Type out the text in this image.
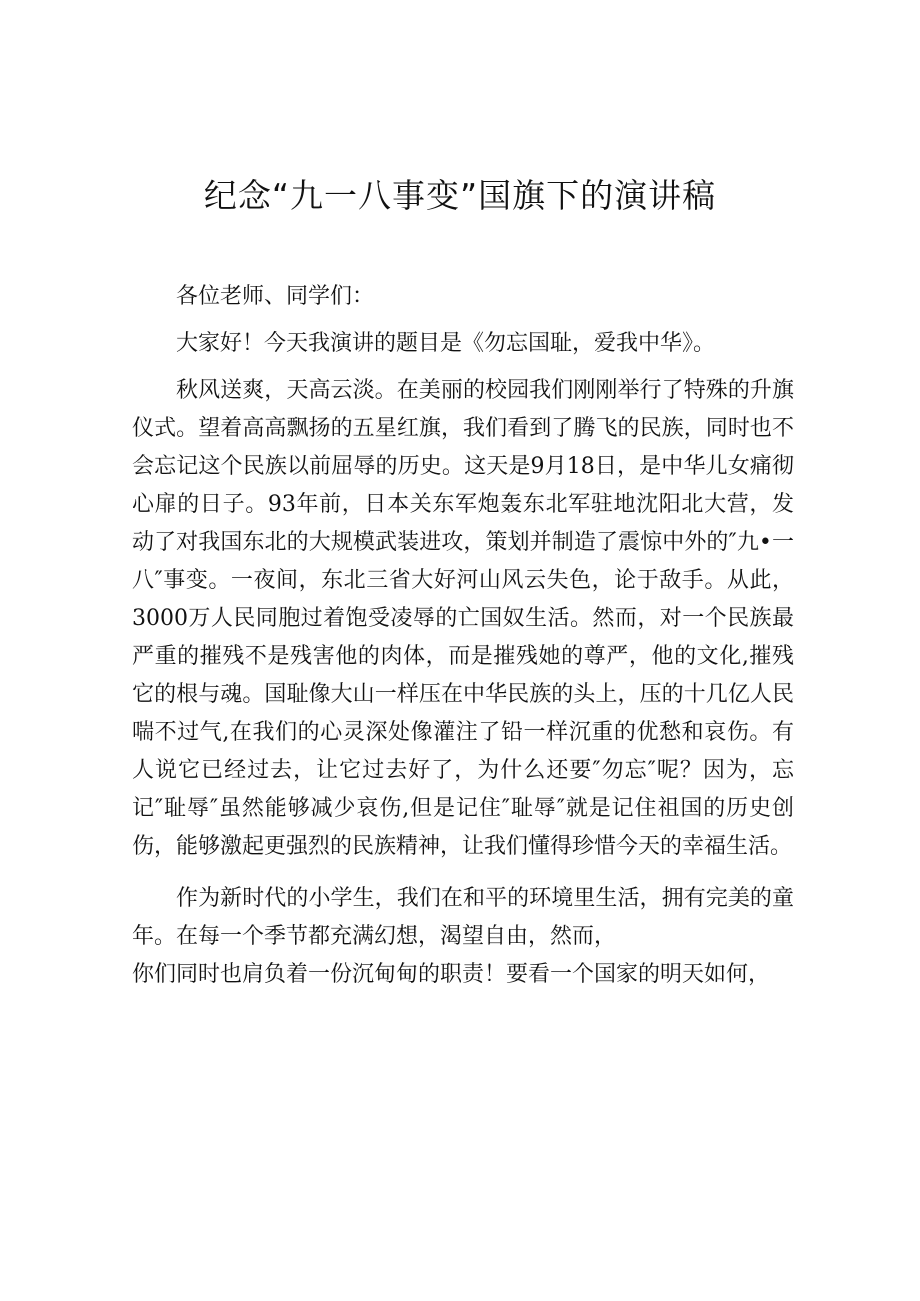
纪念“九一八事变”国旗下的演讲稿

各位老师、同学们：

大家好！今天我演讲的题目是《勿忘国耻，爱我中华》。

秋风送爽，天高云淡。在美丽的校园我们刚刚举行了特殊的升旗仪式。望着高高飘扬的五星红旗，我们看到了腾飞的民族，同时也不会忘记这个民族以前屈辱的历史。这天是9月18日，是中华儿女痛彻心扉的日子。93年前，日本关东军炮轰东北军驻地沈阳北大营，发动了对我国东北的大规模武装进攻，策划并制造了震惊中外的″九•一八″事变。一夜间，东北三省大好河山风云失色，论于敌手。从此，3000万人民同胞过着饱受凌辱的亡国奴生活。然而，对一个民族最严重的摧残不是残害他的肉体，而是摧残她的尊严，他的文化,摧残它的根与魂。国耻像大山一样压在中华民族的头上，压的十几亿人民喘不过气,在我们的心灵深处像灌注了铅一样沉重的优愁和哀伤。有人说它已经过去，让它过去好了，为什么还要″勿忘″呢？因为，忘记″耻辱″虽然能够减少哀伤,但是记住″耻辱″就是记住祖国的历史创伤，能够激起更强烈的民族精神，让我们懂得珍惜今天的幸福生活。

作为新时代的小学生，我们在和平的环境里生活，拥有完美的童年。在每一个季节都充满幻想，渴望自由，然而，

你们同时也肩负着一份沉甸甸的职责！要看一个国家的明天如何，
